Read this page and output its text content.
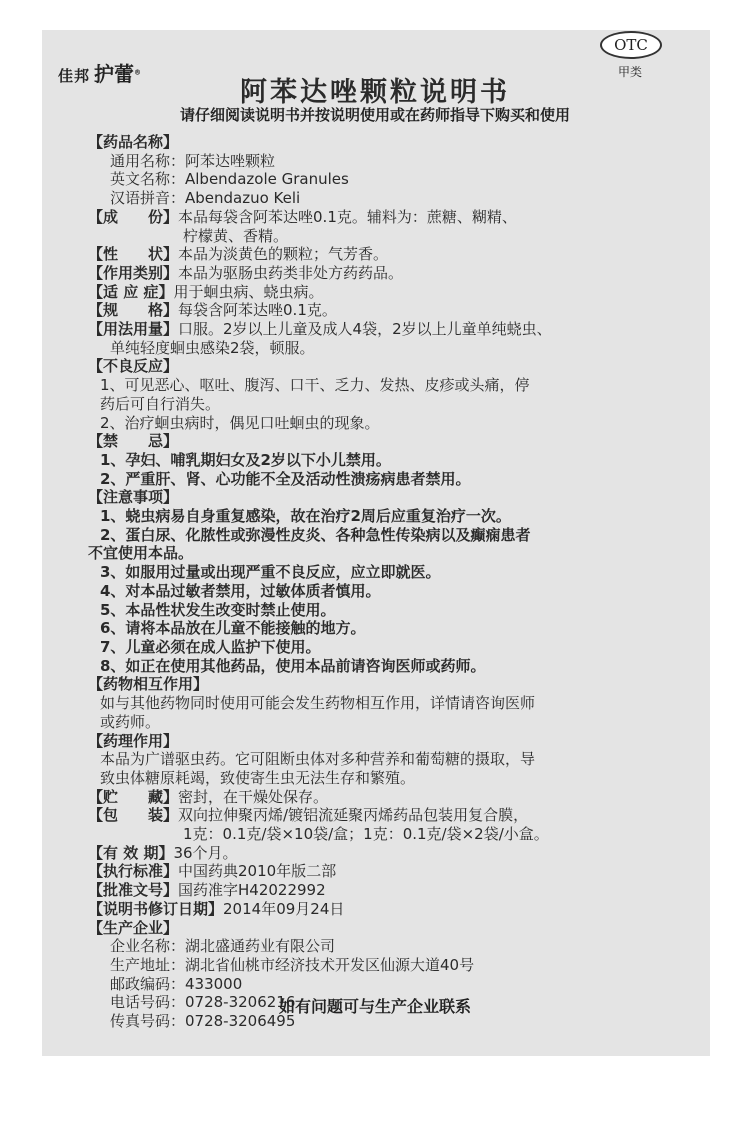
佳邦 护蕾®
OTC
甲类
阿苯达唑颗粒说明书
请仔细阅读说明书并按说明使用或在药师指导下购买和使用
【药品名称】
通用名称：阿苯达唑颗粒
英文名称：Albendazole Granules
汉语拼音：Abendazuo Keli
【成　　份】本品每袋含阿苯达唑0.1克。辅料为：蔗糖、糊精、
柠檬黄、香精。
【性　　状】本品为淡黄色的颗粒；气芳香。
【作用类别】本品为驱肠虫药类非处方药药品。
【适 应 症】用于蛔虫病、蛲虫病。
【规　　格】每袋含阿苯达唑0.1克。
【用法用量】口服。2岁以上儿童及成人4袋，2岁以上儿童单纯蛲虫、
单纯轻度蛔虫感染2袋，顿服。
【不良反应】
1、可见恶心、呕吐、腹泻、口干、乏力、发热、皮疹或头痛，停
药后可自行消失。
2、治疗蛔虫病时，偶见口吐蛔虫的现象。
【禁　　忌】
1、孕妇、哺乳期妇女及2岁以下小儿禁用。
2、严重肝、肾、心功能不全及活动性溃疡病患者禁用。
【注意事项】
1、蛲虫病易自身重复感染，故在治疗2周后应重复治疗一次。
2、蛋白尿、化脓性或弥漫性皮炎、各种急性传染病以及癫痫患者
不宜使用本品。
3、如服用过量或出现严重不良反应，应立即就医。
4、对本品过敏者禁用，过敏体质者慎用。
5、本品性状发生改变时禁止使用。
6、请将本品放在儿童不能接触的地方。
7、儿童必须在成人监护下使用。
8、如正在使用其他药品，使用本品前请咨询医师或药师。
【药物相互作用】
如与其他药物同时使用可能会发生药物相互作用，详情请咨询医师
或药师。
【药理作用】
本品为广谱驱虫药。它可阻断虫体对多种营养和葡萄糖的摄取，导
致虫体糖原耗竭，致使寄生虫无法生存和繁殖。
【贮　　藏】密封，在干燥处保存。
【包　　装】双向拉伸聚丙烯/镀铝流延聚丙烯药品包装用复合膜，
1克：0.1克/袋×10袋/盒；1克：0.1克/袋×2袋/小盒。
【有 效 期】36个月。
【执行标准】中国药典2010年版二部
【批准文号】国药准字H42022992
【说明书修订日期】2014年09月24日
【生产企业】
企业名称：湖北盛通药业有限公司
生产地址：湖北省仙桃市经济技术开发区仙源大道40号
邮政编码：433000
电话号码：0728-3206216
传真号码：0728-3206495
如有问题可与生产企业联系
